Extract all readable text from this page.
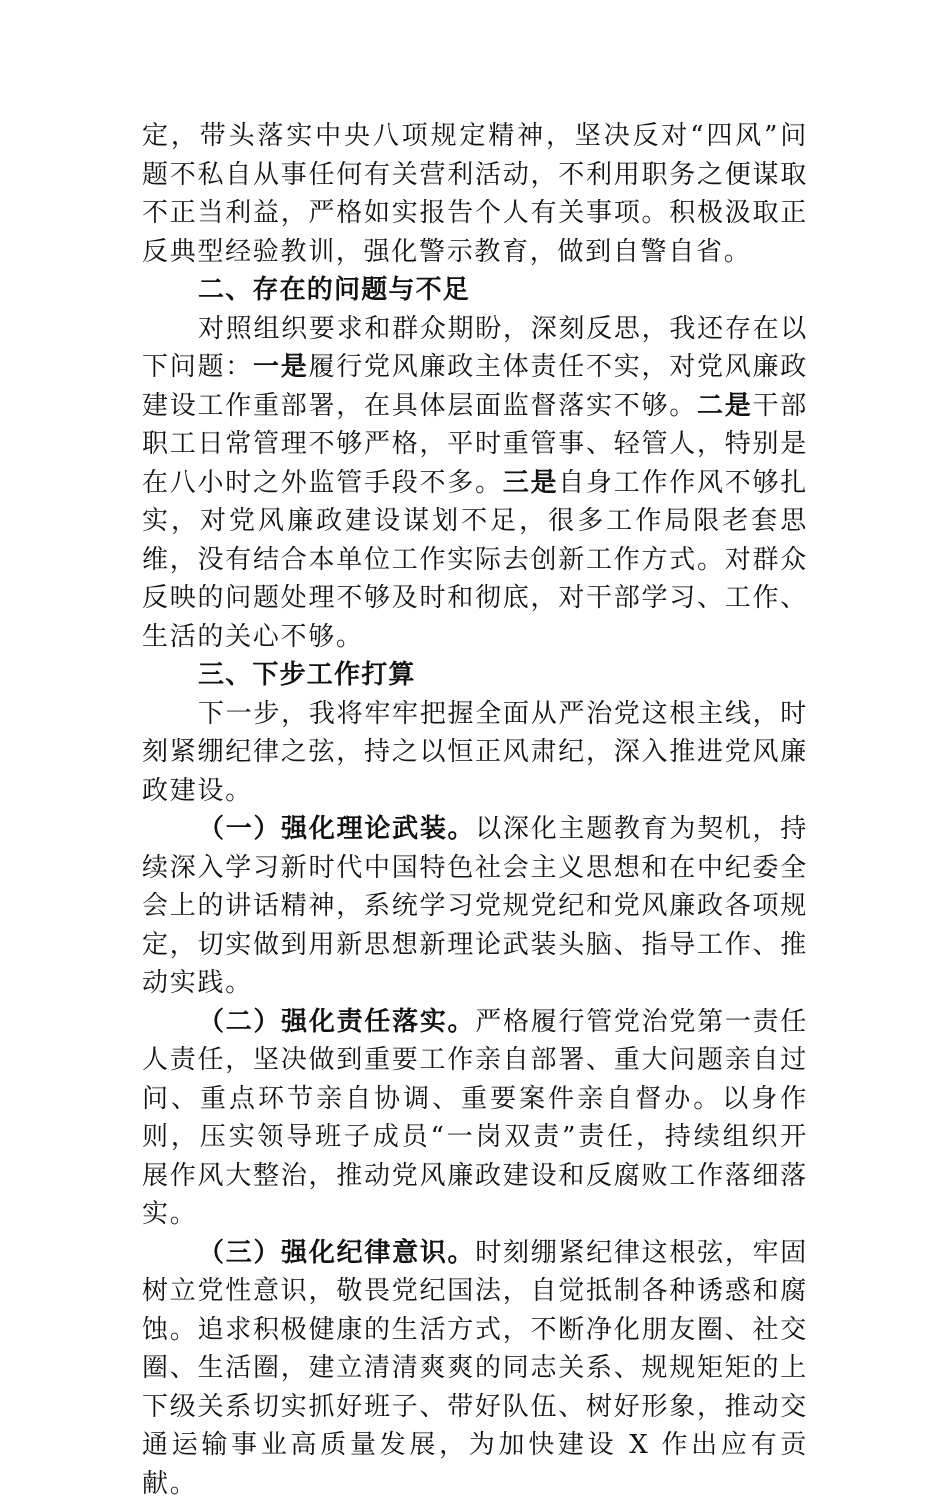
定，带头落实中央八项规定精神，坚决反对“四风”问题不私自从事任何有关营利活动，不利用职务之便谋取不正当利益，严格如实报告个人有关事项。积极汲取正反典型经验教训，强化警示教育，做到自警自省。

二、存在的问题与不足

对照组织要求和群众期盼，深刻反思，我还存在以下问题：一是履行党风廉政主体责任不实，对党风廉政建设工作重部署，在具体层面监督落实不够。二是干部职工日常管理不够严格，平时重管事、轻管人，特别是在八小时之外监管手段不多。三是自身工作作风不够扎实，对党风廉政建设谋划不足，很多工作局限老套思维，没有结合本单位工作实际去创新工作方式。对群众反映的问题处理不够及时和彻底，对干部学习、工作、生活的关心不够。

三、下步工作打算

下一步，我将牢牢把握全面从严治党这根主线，时刻紧绷纪律之弦，持之以恒正风肃纪，深入推进党风廉政建设。

（一）强化理论武装。以深化主题教育为契机，持续深入学习新时代中国特色社会主义思想和在中纪委全会上的讲话精神，系统学习党规党纪和党风廉政各项规定，切实做到用新思想新理论武装头脑、指导工作、推动实践。

（二）强化责任落实。严格履行管党治党第一责任人责任，坚决做到重要工作亲自部署、重大问题亲自过问、重点环节亲自协调、重要案件亲自督办。以身作则，压实领导班子成员“一岗双责”责任，持续组织开展作风大整治，推动党风廉政建设和反腐败工作落细落实。

（三）强化纪律意识。时刻绷紧纪律这根弦，牢固树立党性意识，敬畏党纪国法，自觉抵制各种诱惑和腐蚀。追求积极健康的生活方式，不断净化朋友圈、社交圈、生活圈，建立清清爽爽的同志关系、规规矩矩的上下级关系切实抓好班子、带好队伍、树好形象，推动交通运输事业高质量发展，为加快建设 X 作出应有贡献。
